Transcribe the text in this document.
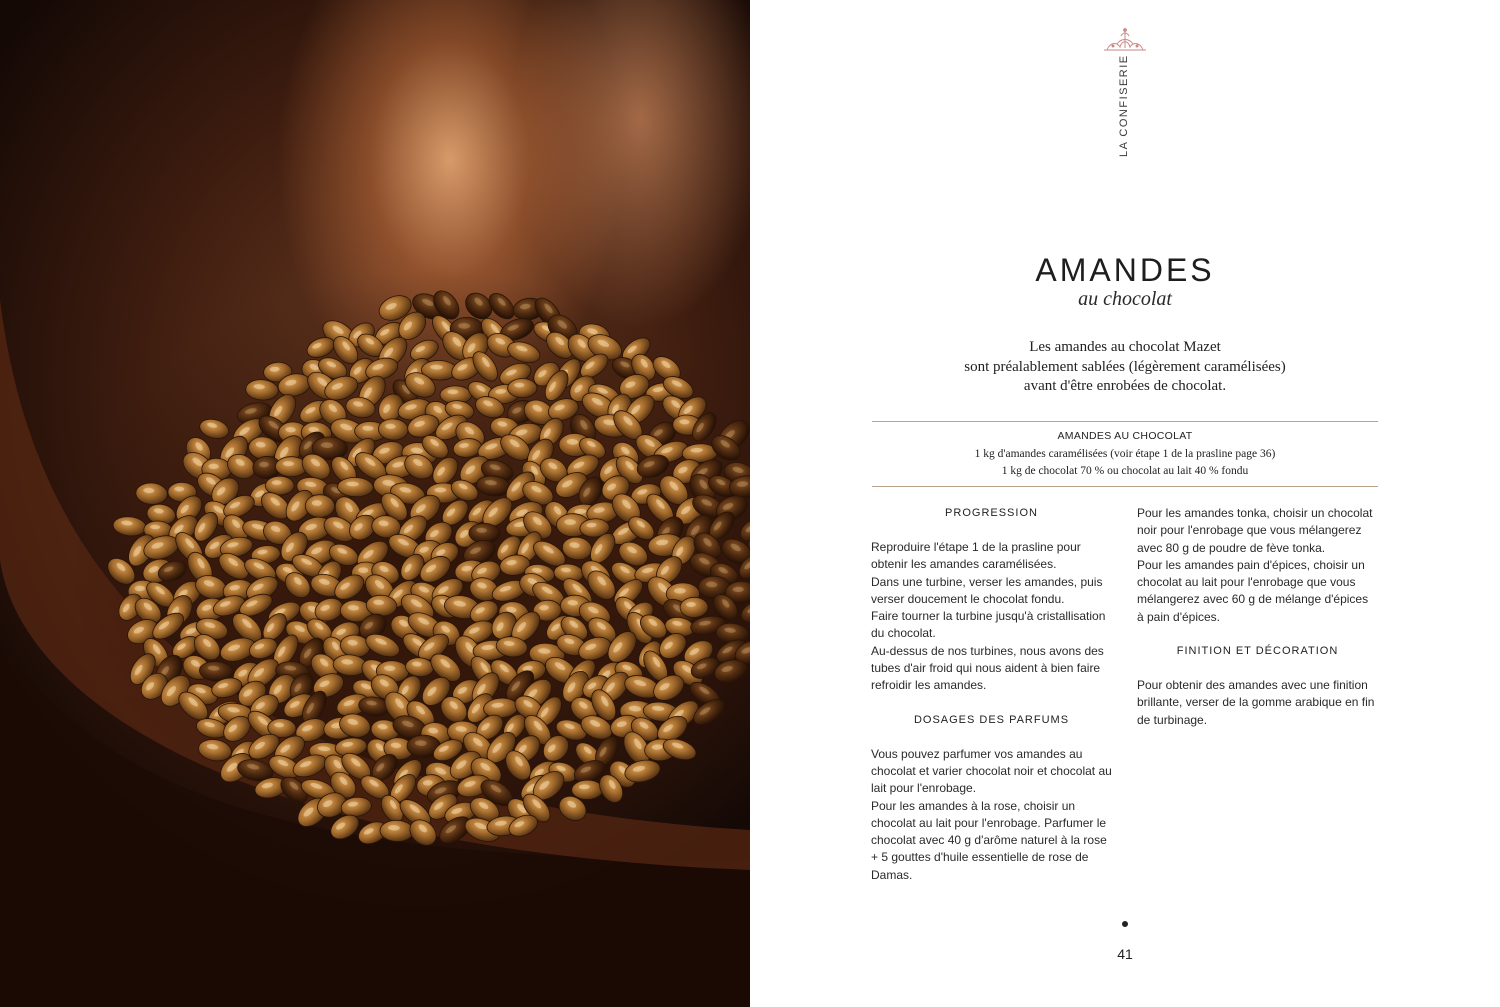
LA CONFISERIE
AMANDES
au chocolat
Les amandes au chocolat Mazet
sont préalablement sablées (légèrement caramélisées)
avant d'être enrobées de chocolat.
AMANDES AU CHOCOLAT
1 kg d'amandes caramélisées (voir étape 1 de la prasline page 36)
1 kg de chocolat 70 % ou chocolat au lait 40 % fondu
PROGRESSION

Reproduire l'étape 1 de la prasline pour obtenir les amandes caramélisées.

Dans une turbine, verser les amandes, puis verser doucement le chocolat fondu.

Faire tourner la turbine jusqu'à cristallisation du chocolat.

Au-dessus de nos turbines, nous avons des tubes d'air froid qui nous aident à bien faire refroidir les amandes.

DOSAGES DES PARFUMS

Vous pouvez parfumer vos amandes au chocolat et varier chocolat noir et chocolat au lait pour l'enrobage.

Pour les amandes à la rose, choisir un chocolat au lait pour l'enrobage. Parfumer le chocolat avec 40 g d'arôme naturel à la rose + 5 gouttes d'huile essentielle de rose de Damas.

Pour les amandes tonka, choisir un chocolat noir pour l'enrobage que vous mélangerez avec 80 g de poudre de fève tonka.

Pour les amandes pain d'épices, choisir un chocolat au lait pour l'enrobage que vous mélangerez avec 60 g de mélange d'épices à pain d'épices.

FINITION ET DÉCORATION

Pour obtenir des amandes avec une finition brillante, verser de la gomme arabique en fin de turbinage.

41
